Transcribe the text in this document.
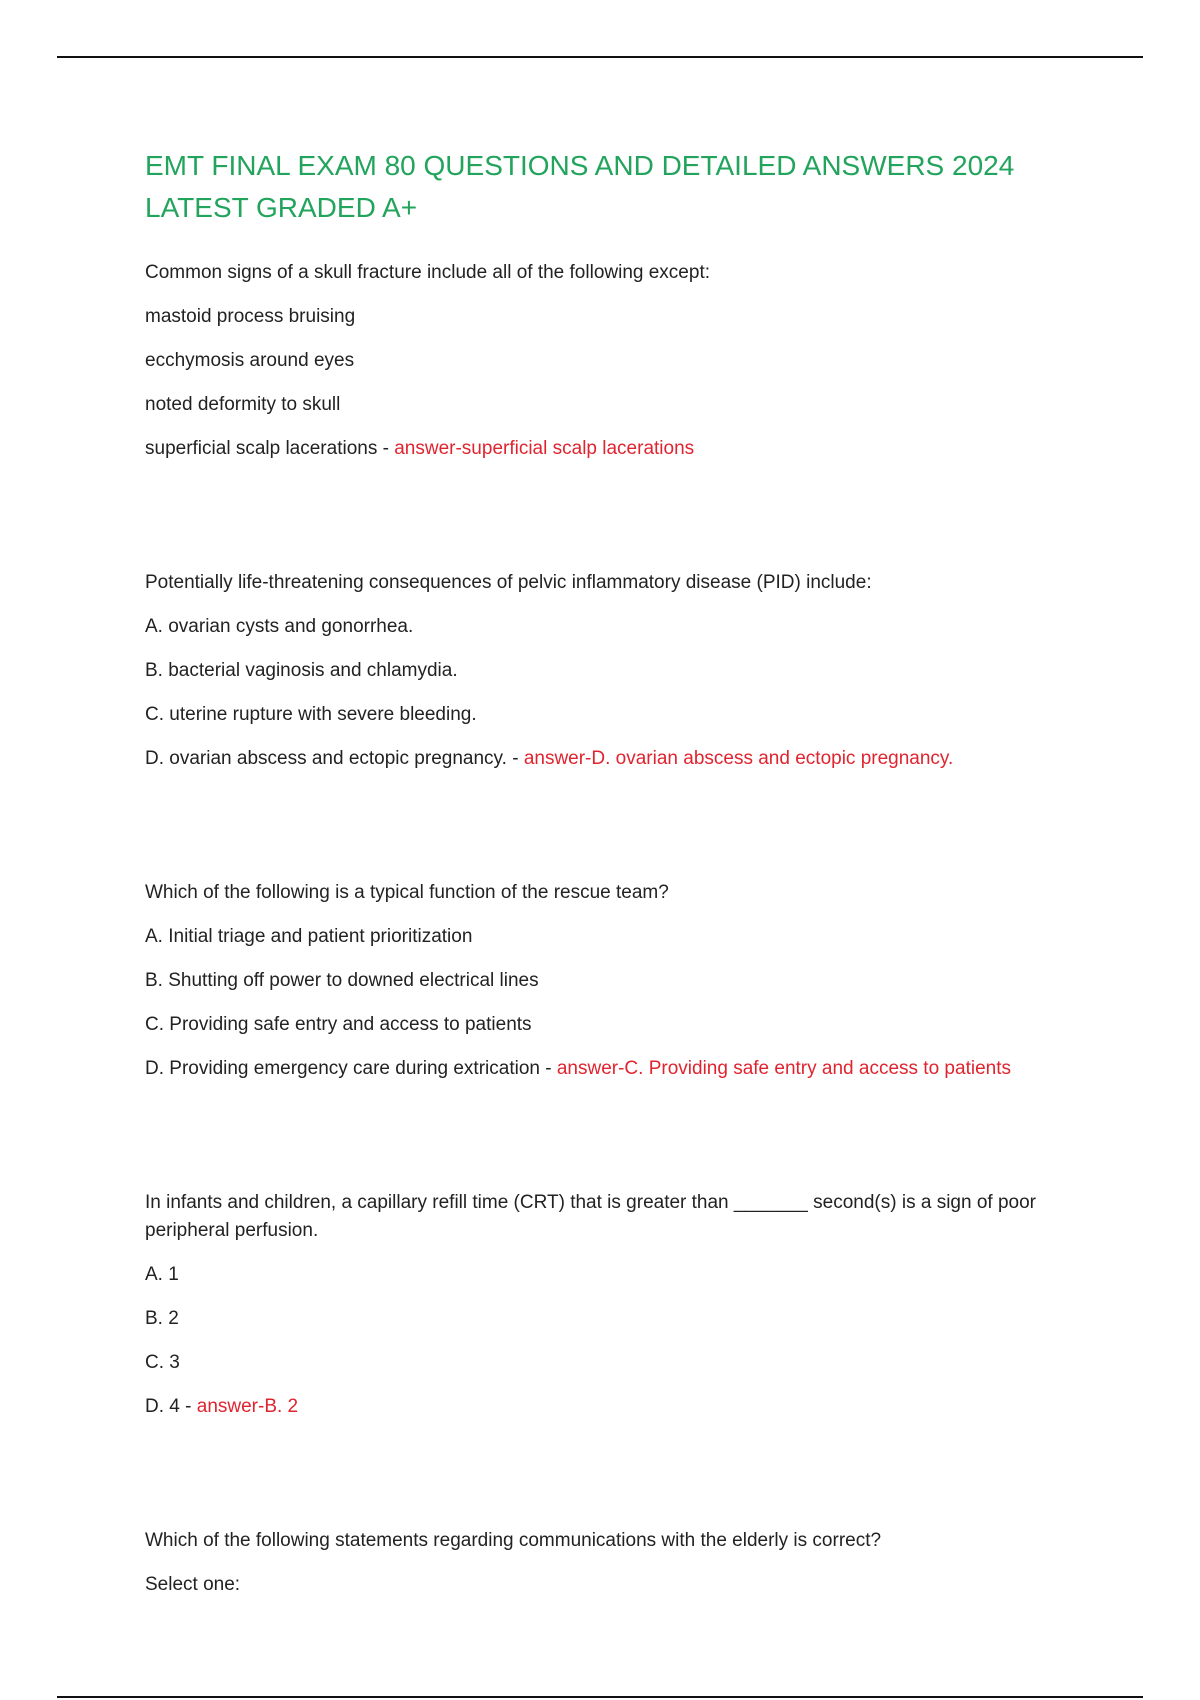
EMT FINAL EXAM 80 QUESTIONS AND DETAILED ANSWERS 2024 LATEST GRADED A+

Common signs of a skull fracture include all of the following except:

mastoid process bruising

ecchymosis around eyes

noted deformity to skull

superficial scalp lacerations - answer-superficial scalp lacerations

Potentially life-threatening consequences of pelvic inflammatory disease (PID) include:

A. ovarian cysts and gonorrhea.

B. bacterial vaginosis and chlamydia.

C. uterine rupture with severe bleeding.

D. ovarian abscess and ectopic pregnancy. - answer-D. ovarian abscess and ectopic pregnancy.

Which of the following is a typical function of the rescue team?

A. Initial triage and patient prioritization

B. Shutting off power to downed electrical lines

C. Providing safe entry and access to patients

D. Providing emergency care during extrication - answer-C. Providing safe entry and access to patients

In infants and children, a capillary refill time (CRT) that is greater than _______ second(s) is a sign of poor peripheral perfusion.

A. 1

B. 2

C. 3

D. 4 - answer-B. 2

Which of the following statements regarding communications with the elderly is correct?

Select one:
